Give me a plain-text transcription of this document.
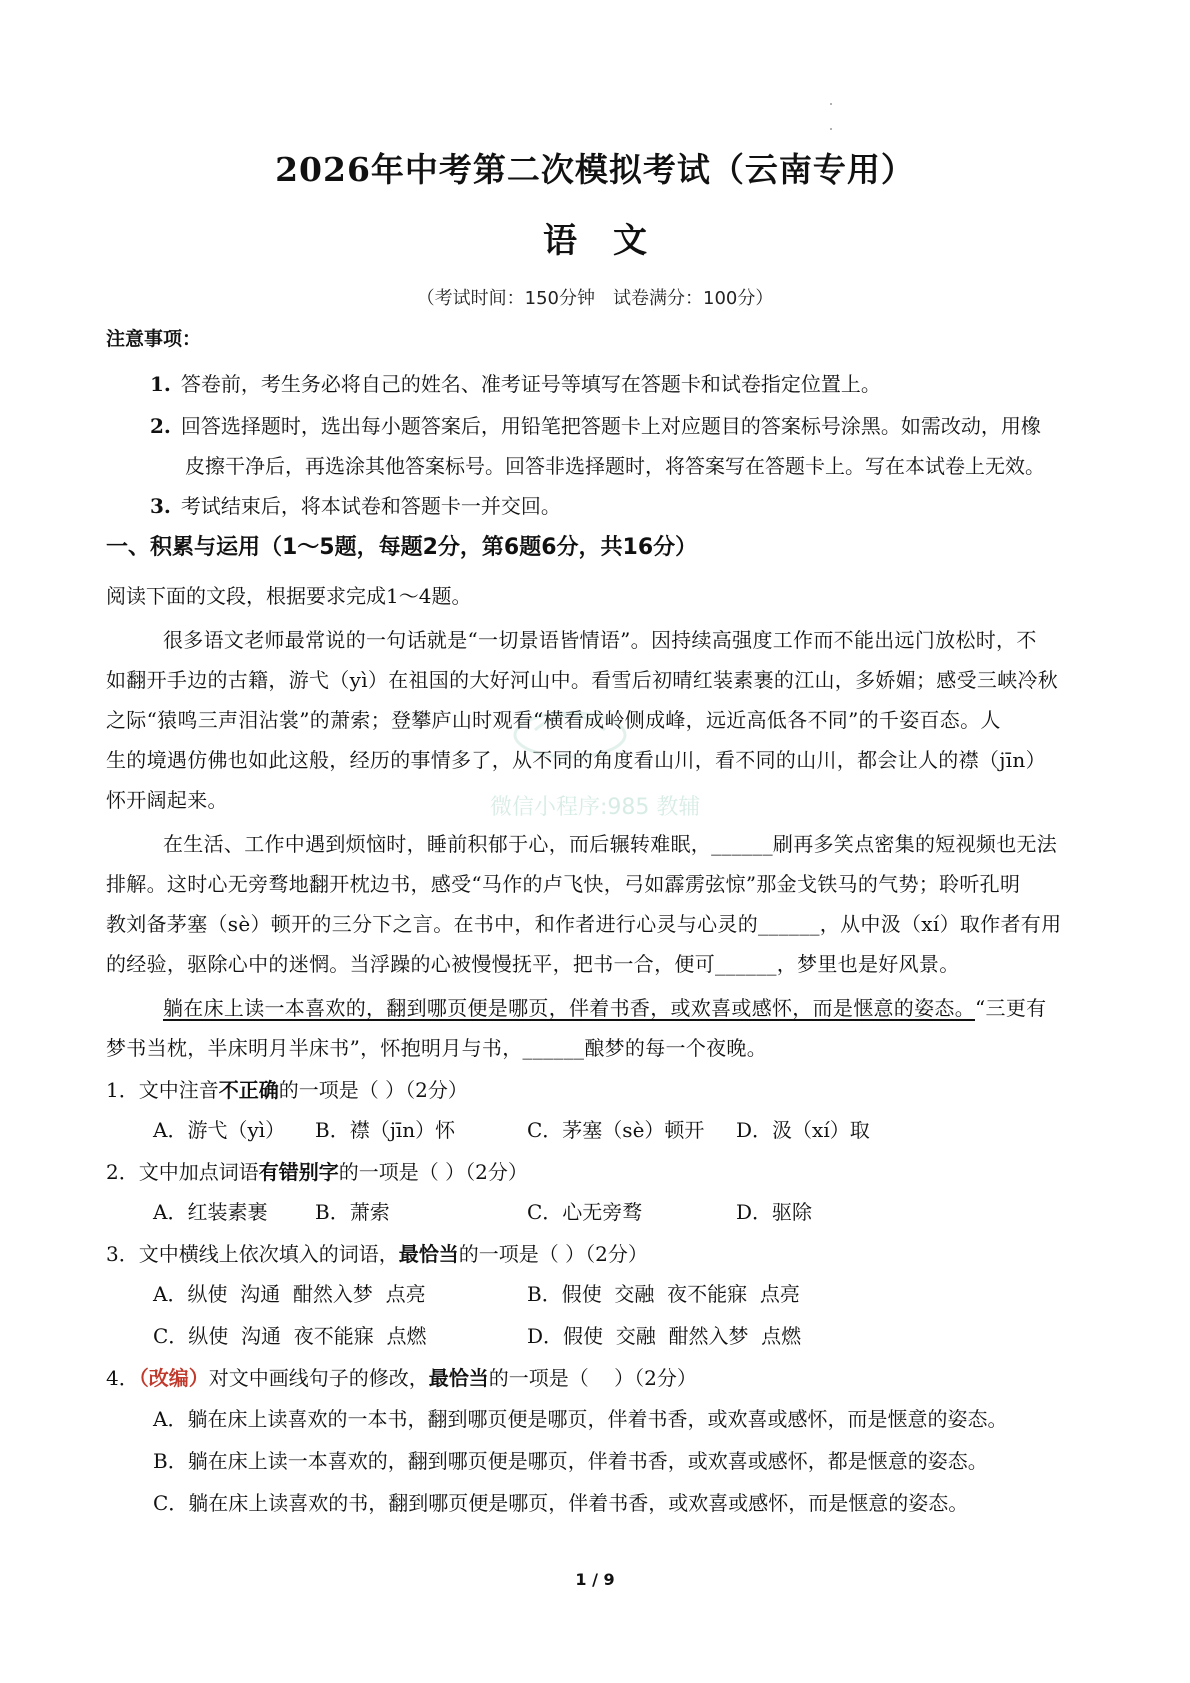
2026年中考第二次模拟考试（云南专用）
语文
（考试时间：150分钟　试卷满分：100分）
注意事项：
1. 答卷前，考生务必将自己的姓名、准考证号等填写在答题卡和试卷指定位置上。
2. 回答选择题时，选出每小题答案后，用铅笔把答题卡上对应题目的答案标号涂黑。如需改动，用橡
皮擦干净后，再选涂其他答案标号。回答非选择题时，将答案写在答题卡上。写在本试卷上无效。
3. 考试结束后，将本试卷和答题卡一并交回。
一、积累与运用（1～5题，每题2分，第6题6分，共16分）
阅读下面的文段，根据要求完成1～4题。
微信小程序:985 教辅
很多语文老师最常说的一句话就是“一切景语皆情语”。因持续高强度工作而不能出远门放松时，不
如翻开手边的古籍，游弋（yì）在祖国的大好河山中。看雪后初晴红装素裹的江山，多娇媚；感受三峡冷秋
之际“猿鸣三声泪沾裳”的萧索；登攀庐山时观看“横看成岭侧成峰，远近高低各不同”的千姿百态。人
生的境遇仿佛也如此这般，经历的事情多了，从不同的角度看山川，看不同的山川，都会让人的襟（jīn）
怀开阔起来。
在生活、工作中遇到烦恼时，睡前积郁于心，而后辗转难眠，______刷再多笑点密集的短视频也无法
排解。这时心无旁骛地翻开枕边书，感受“马作的卢飞快，弓如霹雳弦惊”那金戈铁马的气势；聆听孔明
教刘备茅塞（sè）顿开的三分下之言。在书中，和作者进行心灵与心灵的______，从中汲（xí）取作者有用
的经验，驱除心中的迷惘。当浮躁的心被慢慢抚平，把书一合，便可______，梦里也是好风景。
躺在床上读一本喜欢的，翻到哪页便是哪页，伴着书香，或欢喜或感怀，而是惬意的姿态。“三更有
梦书当枕，半床明月半床书”，怀抱明月与书，______酿梦的每一个夜晚。
1．文中注音不正确的一项是（ ）（2分）
A．游弋（yì） B．襟（jīn）怀	C．茅塞（sè）顿开 D．汲（xí）取
2．文中加点词语有错别字的一项是（ ）（2分）
A．红装素裹 B．萧索	C．心无旁骛	D．驱除
3．文中横线上依次填入的词语，最恰当的一项是（ ）（2分）
A．纵使  沟通  酣然入梦  点亮	B．假使  交融  夜不能寐  点亮
C．纵使  沟通  夜不能寐  点燃	D．假使  交融  酣然入梦  点燃
4．（改编）对文中画线句子的修改，最恰当的一项是（    ）（2分）
A．躺在床上读喜欢的一本书，翻到哪页便是哪页，伴着书香，或欢喜或感怀，而是惬意的姿态。
B．躺在床上读一本喜欢的，翻到哪页便是哪页，伴着书香，或欢喜或感怀，都是惬意的姿态。
C．躺在床上读喜欢的书，翻到哪页便是哪页，伴着书香，或欢喜或感怀，而是惬意的姿态。
1 / 9
